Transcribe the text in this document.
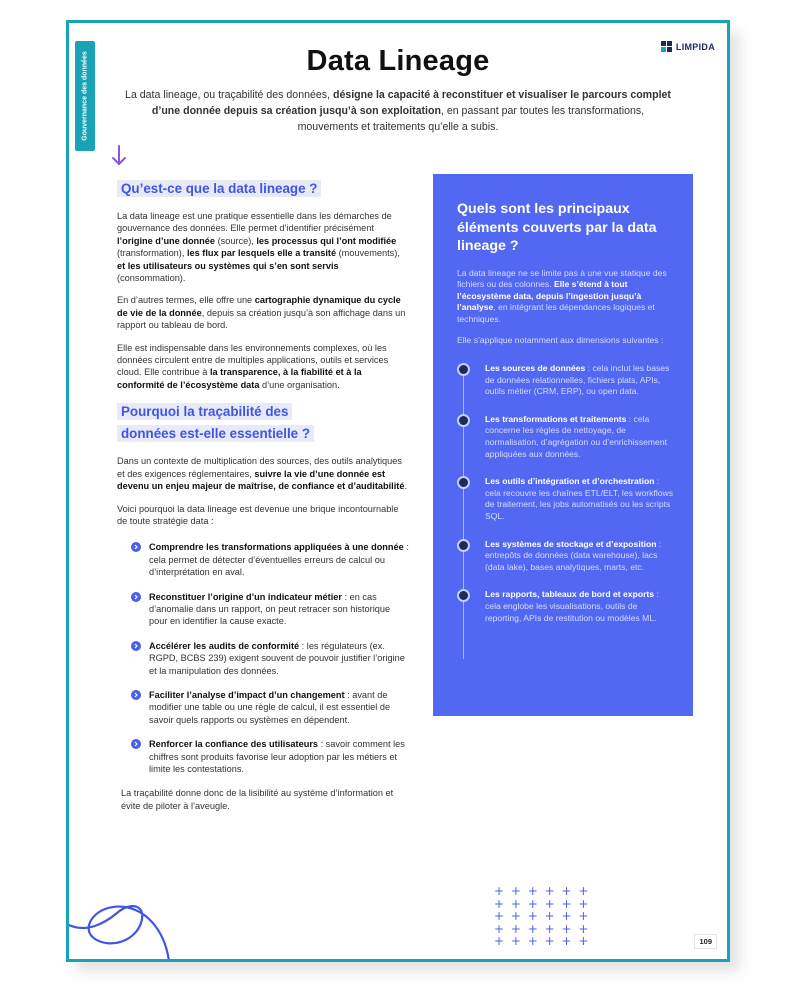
Gouvernance des données
LIMPIDA
Data Lineage

La data lineage, ou traçabilité des données, désigne la capacité à reconstituer et visualiser le parcours complet d’une donnée depuis sa création jusqu’à son exploitation, en passant par toutes les transformations, mouvements et traitements qu’elle a subis.

Qu’est-ce que la data lineage ?

La data lineage est une pratique essentielle dans les démarches de gouvernance des données. Elle permet d’identifier précisément l’origine d’une donnée (source), les processus qui l’ont modifiée (transformation), les flux par lesquels elle a transité (mouvements), et les utilisateurs ou systèmes qui s’en sont servis (consommation).

En d’autres termes, elle offre une cartographie dynamique du cycle de vie de la donnée, depuis sa création jusqu’à son affichage dans un rapport ou tableau de bord.

Elle est indispensable dans les environnements complexes, où les données circulent entre de multiples applications, outils et services cloud. Elle contribue à la transparence, à la fiabilité et à la conformité de l’écosystème data d’une organisation.

Pourquoi la traçabilité des
données est-elle essentielle ?

Dans un contexte de multiplication des sources, des outils analytiques et des exigences réglementaires, suivre la vie d’une donnée est devenu un enjeu majeur de maîtrise, de confiance et d’auditabilité.

Voici pourquoi la data lineage est devenue une brique incontournable de toute stratégie data :

Comprendre les transformations appliquées à une donnée : cela permet de détecter d’éventuelles erreurs de calcul ou d’interprétation en aval.
Reconstituer l’origine d’un indicateur métier : en cas d’anomalie dans un rapport, on peut retracer son historique pour en identifier la cause exacte.
Accélérer les audits de conformité : les régulateurs (ex. RGPD, BCBS 239) exigent souvent de pouvoir justifier l’origine et la manipulation des données.
Faciliter l’analyse d’impact d’un changement : avant de modifier une table ou une règle de calcul, il est essentiel de savoir quels rapports ou systèmes en dépendent.
Renforcer la confiance des utilisateurs : savoir comment les chiffres sont produits favorise leur adoption par les métiers et limite les contestations.

La traçabilité donne donc de la lisibilité au système d’information et évite de piloter à l’aveugle.

Quels sont les principaux éléments couverts par la data lineage ?

La data lineage ne se limite pas à une vue statique des fichiers ou des colonnes. Elle s’étend à tout l’écosystème data, depuis l’ingestion jusqu’à l’analyse, en intégrant les dépendances logiques et techniques.

Elle s’applique notamment aux dimensions suivantes :

Les sources de données : cela inclut les bases de données relationnelles, fichiers plats, APIs, outils métier (CRM, ERP), ou open data.
Les transformations et traitements : cela concerne les règles de nettoyage, de normalisation, d’agrégation ou d’enrichissement appliquées aux données.
Les outils d’intégration et d’orchestration : cela recouvre les chaînes ETL/ELT, les workflows de traitement, les jobs automatisés ou les scripts SQL.
Les systèmes de stockage et d’exposition : entrepôts de données (data warehouse), lacs (data lake), bases analytiques, marts, etc.
Les rapports, tableaux de bord et exports : cela englobe les visualisations, outils de reporting, APIs de restitution ou modèles ML.
+ + + + + +
+ + + + + +
+ + + + + +
+ + + + + +
+ + + + + +	109
